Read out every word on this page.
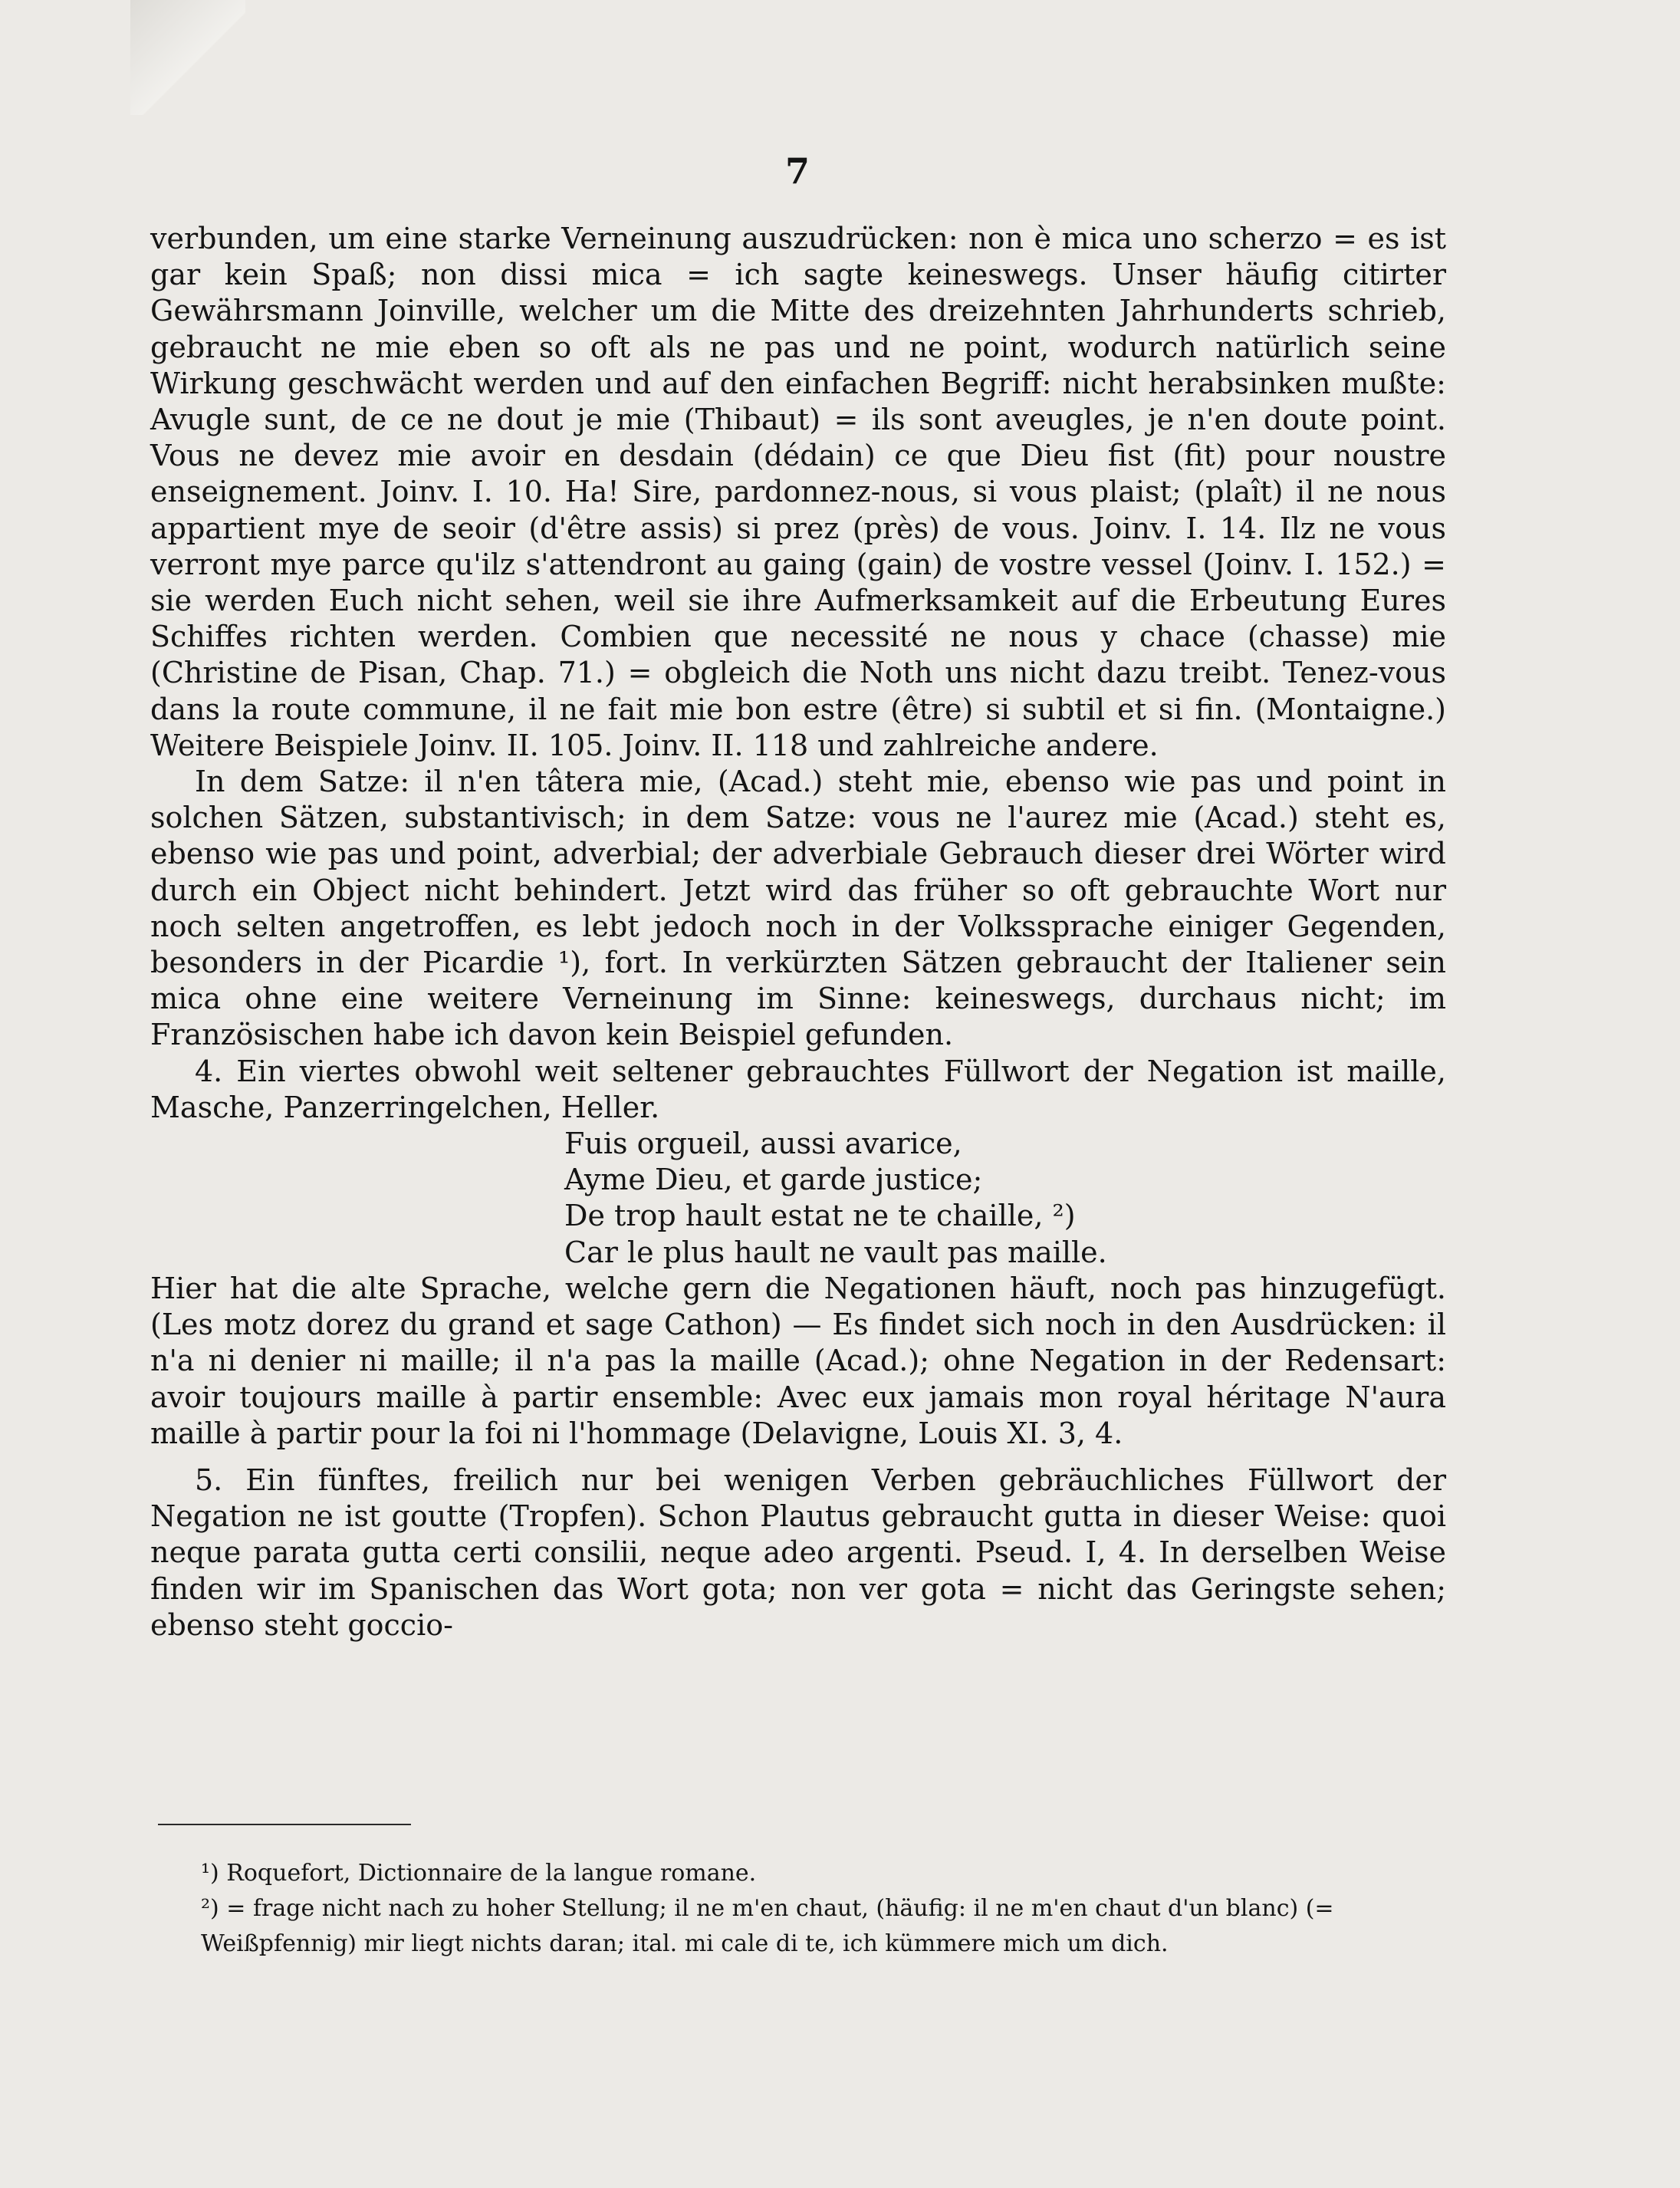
7

verbunden, um eine starke Verneinung auszudrücken: non è mica uno scherzo = es ist gar kein Spaß; non dissi mica = ich sagte keineswegs. Unser häufig citirter Gewährsmann Joinville, welcher um die Mitte des dreizehnten Jahrhunderts schrieb, gebraucht ne mie eben so oft als ne pas und ne point, wodurch natürlich seine Wirkung geschwächt werden und auf den einfachen Begriff: nicht herabsinken mußte: Avugle sunt, de ce ne dout je mie (Thibaut) = ils sont aveugles, je n'en doute point. Vous ne devez mie avoir en desdain (dédain) ce que Dieu fist (fit) pour noustre enseignement. Joinv. I. 10. Ha! Sire, pardonnez-nous, si vous plaist; (plaît) il ne nous appartient mye de seoir (d'être assis) si prez (près) de vous. Joinv. I. 14. Ilz ne vous verront mye parce qu'ilz s'attendront au gaing (gain) de vostre vessel (Joinv. I. 152.) = sie werden Euch nicht sehen, weil sie ihre Aufmerksamkeit auf die Erbeutung Eures Schiffes richten werden. Combien que necessité ne nous y chace (chasse) mie (Christine de Pisan, Chap. 71.) = obgleich die Noth uns nicht dazu treibt. Tenez-vous dans la route commune, il ne fait mie bon estre (être) si subtil et si fin. (Montaigne.) Weitere Beispiele Joinv. II. 105. Joinv. II. 118 und zahlreiche andere.

In dem Satze: il n'en tâtera mie, (Acad.) steht mie, ebenso wie pas und point in solchen Sätzen, substantivisch; in dem Satze: vous ne l'aurez mie (Acad.) steht es, ebenso wie pas und point, adverbial; der adverbiale Gebrauch dieser drei Wörter wird durch ein Object nicht behindert. Jetzt wird das früher so oft gebrauchte Wort nur noch selten angetroffen, es lebt jedoch noch in der Volkssprache einiger Gegenden, besonders in der Picardie ¹), fort. In verkürzten Sätzen gebraucht der Italiener sein mica ohne eine weitere Verneinung im Sinne: keineswegs, durchaus nicht; im Französischen habe ich davon kein Beispiel gefunden.

4. Ein viertes obwohl weit seltener gebrauchtes Füllwort der Negation ist maille, Masche, Panzerringelchen, Heller.

Fuis orgueil, aussi avarice,
Ayme Dieu, et garde justice;
De trop hault estat ne te chaille, ²)
Car le plus hault ne vault pas maille.

Hier hat die alte Sprache, welche gern die Negationen häuft, noch pas hinzugefügt. (Les motz dorez du grand et sage Cathon) — Es findet sich noch in den Ausdrücken: il n'a ni denier ni maille; il n'a pas la maille (Acad.); ohne Negation in der Redensart: avoir toujours maille à partir ensemble: Avec eux jamais mon royal héritage N'aura maille à partir pour la foi ni l'hommage (Delavigne, Louis XI. 3, 4.

5. Ein fünftes, freilich nur bei wenigen Verben gebräuchliches Füllwort der Negation ne ist goutte (Tropfen). Schon Plautus gebraucht gutta in dieser Weise: quoi neque parata gutta certi consilii, neque adeo argenti. Pseud. I, 4. In derselben Weise finden wir im Spanischen das Wort gota; non ver gota = nicht das Geringste sehen; ebenso steht goccio-

¹) Roquefort, Dictionnaire de la langue romane.

²) = frage nicht nach zu hoher Stellung; il ne m'en chaut, (häufig: il ne m'en chaut d'un blanc) (= Weißpfennig) mir liegt nichts daran; ital. mi cale di te, ich kümmere mich um dich.
